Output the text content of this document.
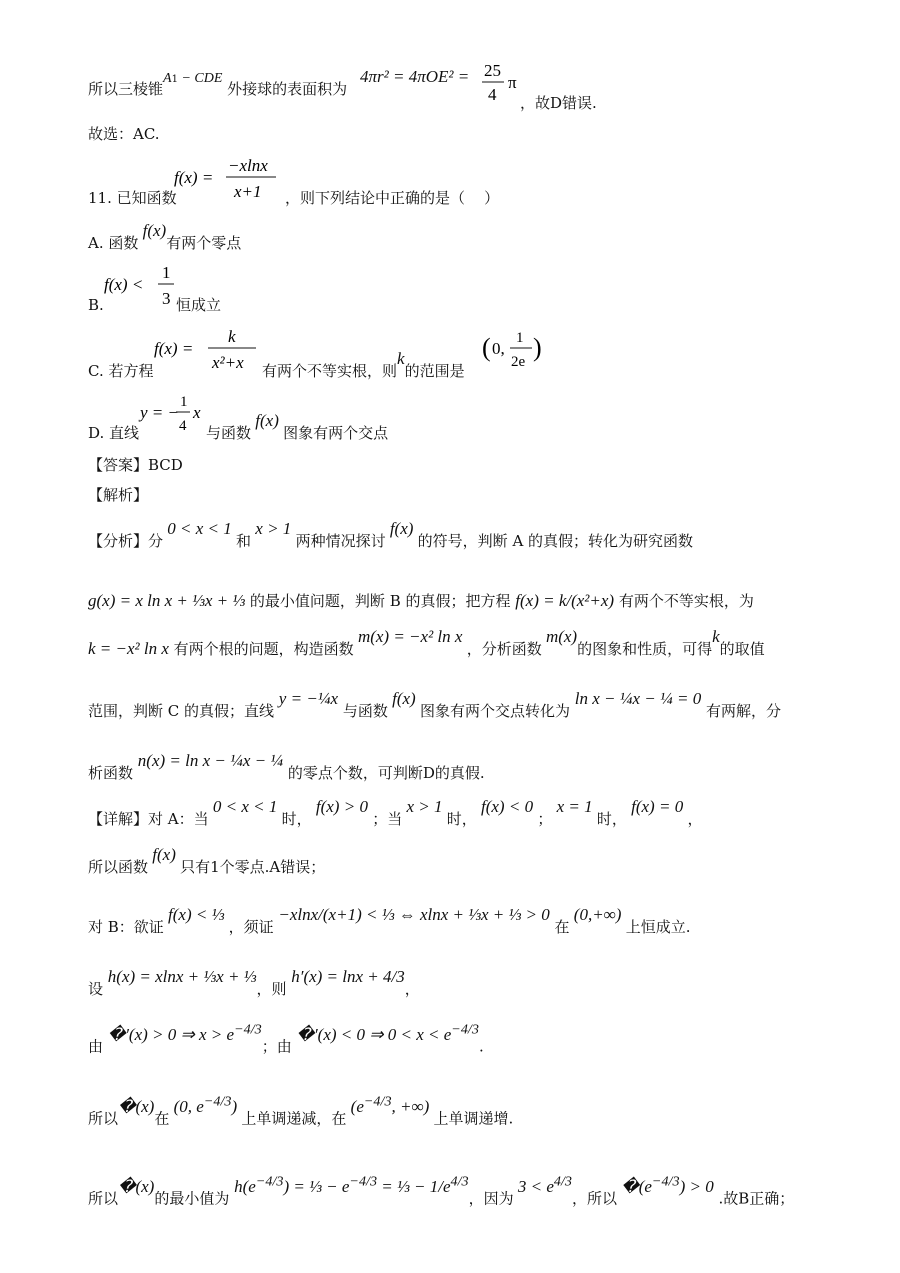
所以三棱锥$A^1$ − CDE 外接球的表面积为
4πr² = 4πOE² = 25
4
π
，故D错误.
故选：AC.
11. 已知函数
f(x) =
−xlnx
x+1 ，则下列结论中正确的是（    ）
A. 函数 f(x)有两个零点
B.
f(x) <
1
3 恒成立
C. 若方程
f(x) =
k
x²+x 有两个不等实根，则k的范围是
( 0,
1
2e )
D. 直线
y = −
1
4
x
与函数 f(x) 图象有两个交点
【答案】BCD
【解析】
【分析】分 0 < x < 1 和 x > 1 两种情况探讨 f(x) 的符号，判断 A 的真假；转化为研究函数
g(x) = x ln x + ⅓x + ⅓ 的最小值问题，判断 B 的真假；把方程 f(x) = k/(x²+x) 有两个不等实根，为
k = −x² ln x 有两个根的问题，构造函数 m(x) = −x² ln x ，分析函数 m(x)的图象和性质，可得k的取值
范围，判断 C 的真假；直线 y = −¼x 与函数 f(x) 图象有两个交点转化为 ln x − ¼x − ¼ = 0 有两解，分
析函数 n(x) = ln x − ¼x − ¼ 的零点个数，可判断D的真假.
【详解】对 A：当 0 < x < 1 时， f(x) > 0 ；当 x > 1 时， f(x) < 0 ； x = 1 时， f(x) = 0 ，
所以函数 f(x) 只有1个零点.A错误；
对 B：欲证 f(x) < ⅓ ，须证 −xlnx/(x+1) < ⅓ ⇔ xlnx + ⅓x + ⅓ > 0 在 (0,+∞) 上恒成立.
设 h(x) = xlnx + ⅓x + ⅓，则 h′(x) = lnx + 4/3，
由 �′(x) > 0 ⇒ $x > e^{-4/3}$；由 �′(x) < 0 ⇒ $0 < x < e^{-4/3}$.
所以�(x)在 (0, $e^{-4/3}$) 上单调递减，在 ($e^{-4/3}$, +∞) 上单调递增.
所以�(x)的最小值为 $h(e^{-4/3})$ = ⅓ − $e^{-4/3}$ = ⅓ − $1/e^{4/3}$，因为 $3 < e^{4/3}$，所以 $�(e^{-4/3}) > 0$ .故B正确；
